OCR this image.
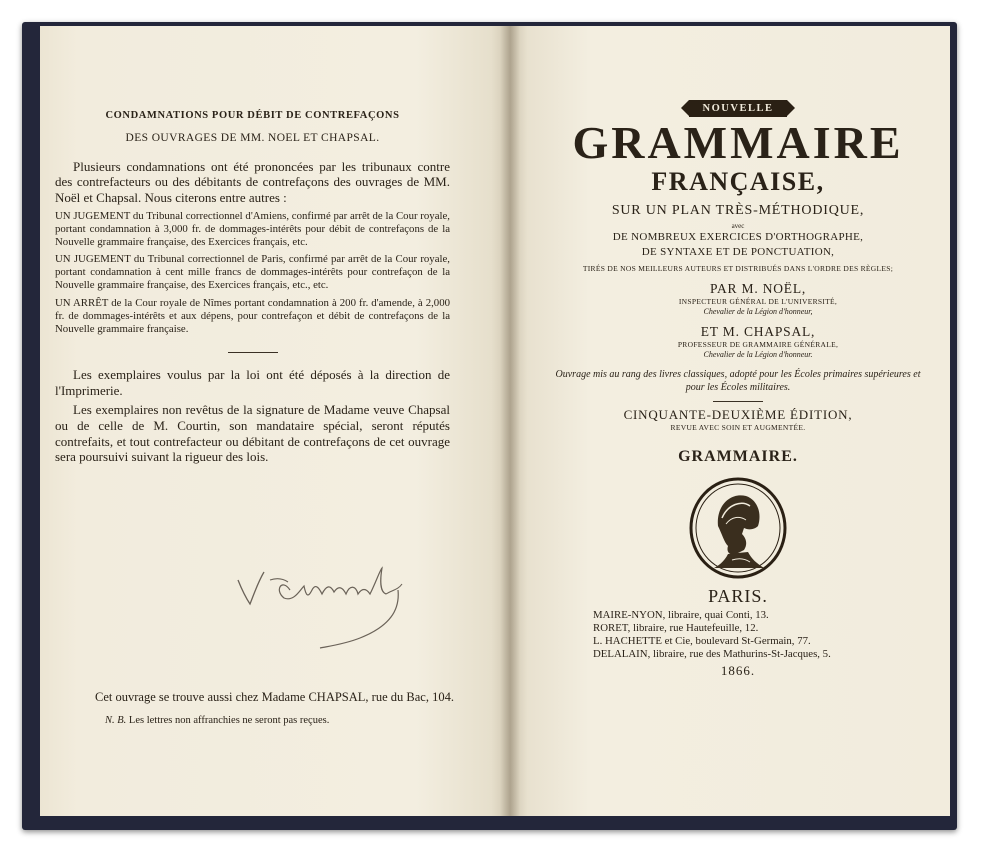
CONDAMNATIONS POUR DÉBIT DE CONTREFAÇONS
DES OUVRAGES DE MM. NOEL ET CHAPSAL.

Plusieurs condamnations ont été prononcées par les tribunaux contre des contrefacteurs ou des débitants de contrefaçons des ouvrages de MM. Noël et Chapsal. Nous citerons entre autres :

UN JUGEMENT du Tribunal correctionnel d'Amiens, confirmé par arrêt de la Cour royale, portant condamnation à 3,000 fr. de dommages-intérêts pour débit de contrefaçons de la Nouvelle grammaire française, des Exercices français, etc.

UN JUGEMENT du Tribunal correctionnel de Paris, confirmé par arrêt de la Cour royale, portant condamnation à cent mille francs de dommages-intérêts pour contrefaçon de la Nouvelle grammaire française, des Exercices français, etc., etc.

UN ARRÊT de la Cour royale de Nîmes portant condamnation à 200 fr. d'amende, à 2,000 fr. de dommages-intérêts et aux dépens, pour contrefaçon et débit de contrefaçons de la Nouvelle grammaire française.

Les exemplaires voulus par la loi ont été déposés à la direction de l'Imprimerie.

Les exemplaires non revêtus de la signature de Madame veuve Chapsal ou de celle de M. Courtin, son mandataire spécial, seront réputés contrefaits, et tout contrefacteur ou débitant de contrefaçons de cet ouvrage sera poursuivi suivant la rigueur des lois.

Cet ouvrage se trouve aussi chez Madame CHAPSAL, rue du Bac, 104.
N. B. Les lettres non affranchies ne seront pas reçues.
NOUVELLE
GRAMMAIRE
FRANÇAISE,
SUR UN PLAN TRÈS-MÉTHODIQUE,
avec
DE NOMBREUX EXERCICES D'ORTHOGRAPHE,
DE SYNTAXE ET DE PONCTUATION,
TIRÉS DE NOS MEILLEURS AUTEURS ET DISTRIBUÉS DANS L'ORDRE DES RÈGLES;
PAR M. NOËL,
INSPECTEUR GÉNÉRAL DE L'UNIVERSITÉ,
Chevalier de la Légion d'honneur,
ET M. CHAPSAL,
PROFESSEUR DE GRAMMAIRE GÉNÉRALE,
Chevalier de la Légion d'honneur.
Ouvrage mis au rang des livres classiques, adopté pour les Écoles primaires supérieures et pour les Écoles militaires.
CINQUANTE-DEUXIÈME ÉDITION,
REVUE AVEC SOIN ET AUGMENTÉE.
GRAMMAIRE.
PARIS.
MAIRE-NYON, libraire, quai Conti, 13.
RORET, libraire, rue Hautefeuille, 12.
L. HACHETTE et Cie, boulevard St-Germain, 77.
DELALAIN, libraire, rue des Mathurins-St-Jacques, 5.
1866.
